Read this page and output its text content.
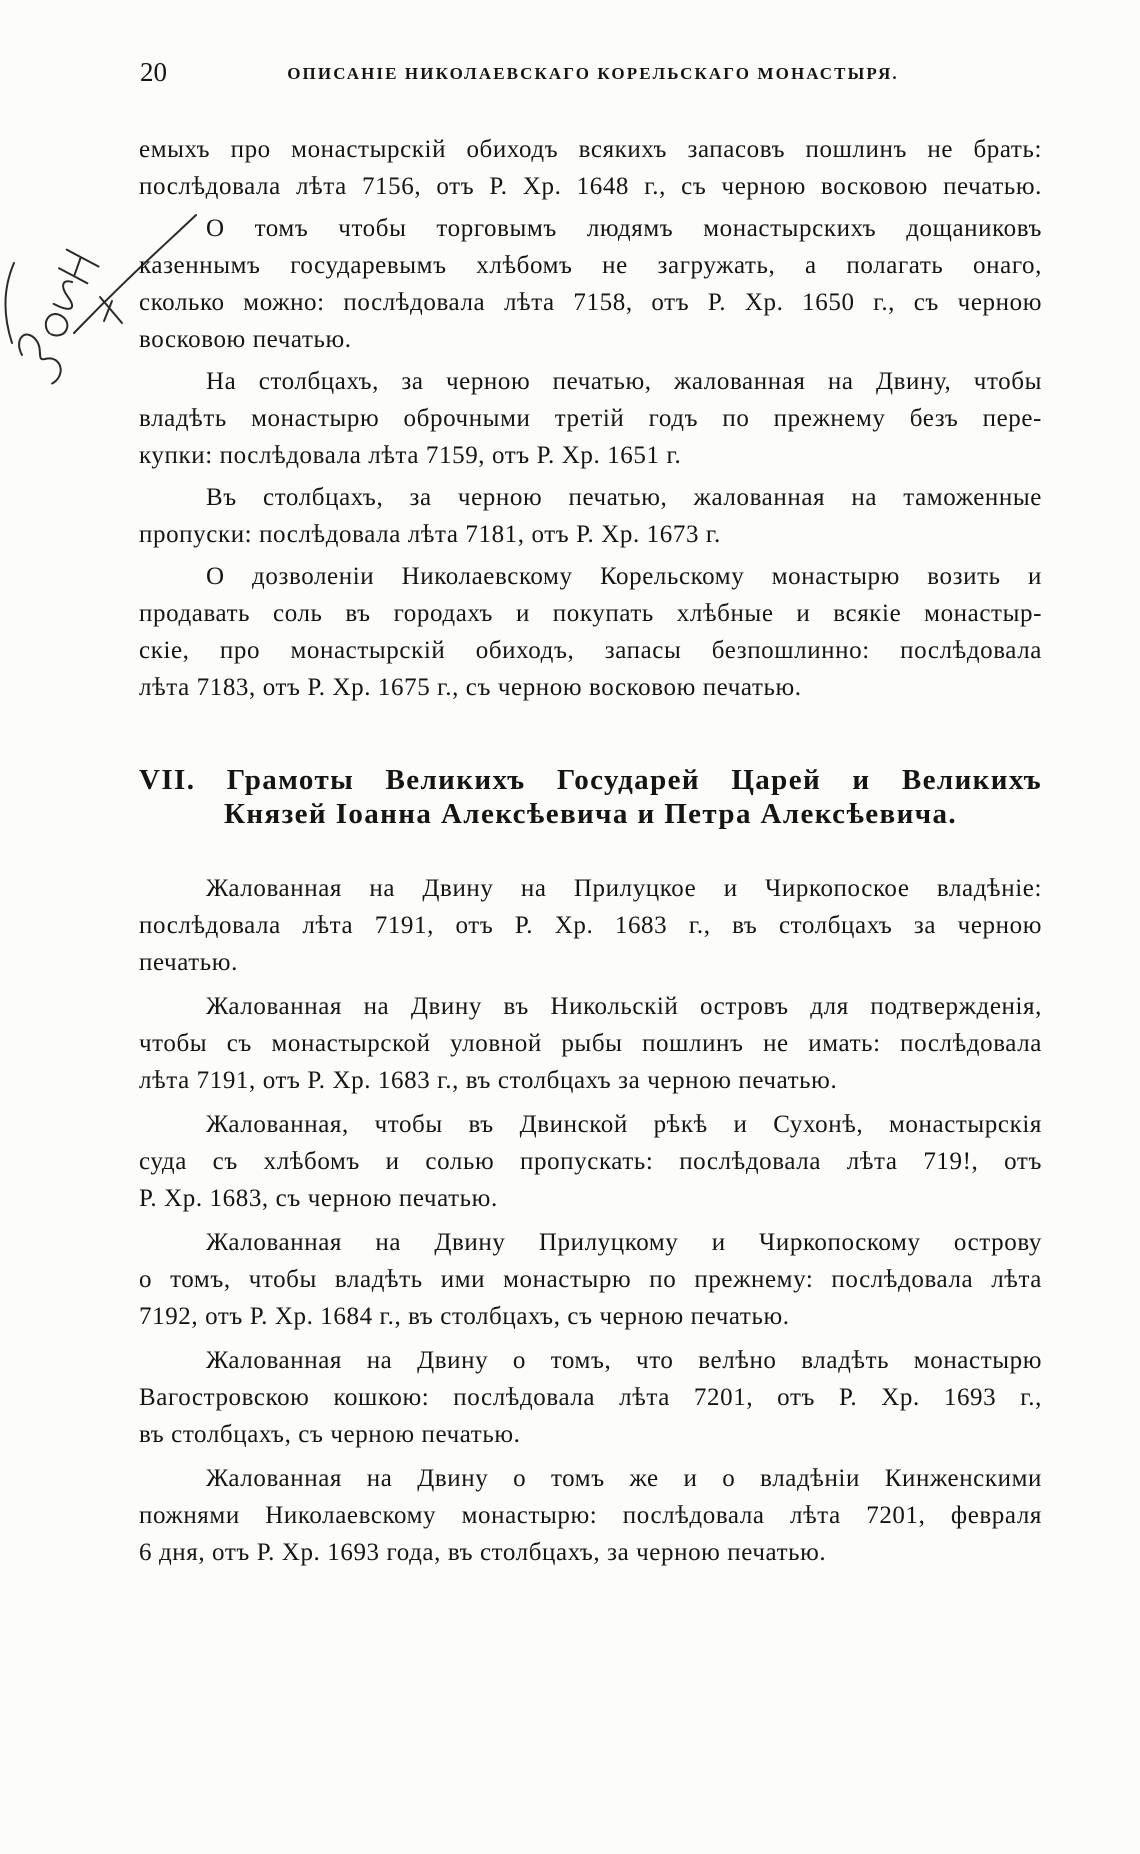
20	ОПИСАНІЕ НИКОЛАЕВСКАГО КОРЕЛЬСКАГО МОНАСТЫРЯ.
емыхъ про монастырскій обиходъ всякихъ запасовъ пошлинъ не брать:
послѣдовала лѣта 7156, отъ Р. Хр. 1648 г., съ черною восковою печатью.
О томъ чтобы торговымъ людямъ монастырскихъ дощаниковъ
казеннымъ государевымъ хлѣбомъ не загружать, а полагать онаго,
сколько можно: послѣдовала лѣта 7158, отъ Р. Хр. 1650 г., съ черною
восковою печатью.
На столбцахъ, за черною печатью, жалованная на Двину, чтобы
владѣть монастырю оброчными третій годъ по прежнему безъ пере-
купки: послѣдовала лѣта 7159, отъ Р. Хр. 1651 г.
Въ столбцахъ, за черною печатью, жалованная на таможенные
пропуски: послѣдовала лѣта 7181, отъ Р. Хр. 1673 г.
О дозволеніи Николаевскому Корельскому монастырю возить и
продавать соль въ городахъ и покупать хлѣбные и всякіе монастыр-
скіе, про монастырскій обиходъ, запасы безпошлинно: послѣдовала
лѣта 7183, отъ Р. Хр. 1675 г., съ черною восковою печатью.
VII. Грамоты Великихъ Государей Царей и Великихъ
Князей Іоанна Алексѣевича и Петра Алексѣевича.
Жалованная на Двину на Прилуцкое и Чиркопоское владѣніе:
послѣдовала лѣта 7191, отъ Р. Хр. 1683 г., въ столбцахъ за черною
печатью.
Жалованная на Двину въ Никольскій островъ для подтвержденія,
чтобы съ монастырской уловной рыбы пошлинъ не имать: послѣдовала
лѣта 7191, отъ Р. Хр. 1683 г., въ столбцахъ за черною печатью.
Жалованная, чтобы въ Двинской рѣкѣ и Сухонѣ, монастырскія
суда съ хлѣбомъ и солью пропускать: послѣдовала лѣта 719!, отъ
Р. Хр. 1683, съ черною печатью.
Жалованная на Двину Прилуцкому и Чиркопоскому острову
о томъ, чтобы владѣть ими монастырю по прежнему: послѣдовала лѣта
7192, отъ Р. Хр. 1684 г., въ столбцахъ, съ черною печатью.
Жалованная на Двину о томъ, что велѣно владѣть монастырю
Вагостровскою кошкою: послѣдовала лѣта 7201, отъ Р. Хр. 1693 г.,
въ столбцахъ, съ черною печатью.
Жалованная на Двину о томъ же и о владѣніи Кинженскими
пожнями Николаевскому монастырю: послѣдовала лѣта 7201, февраля
6 дня, отъ Р. Хр. 1693 года, въ столбцахъ, за черною печатью.
